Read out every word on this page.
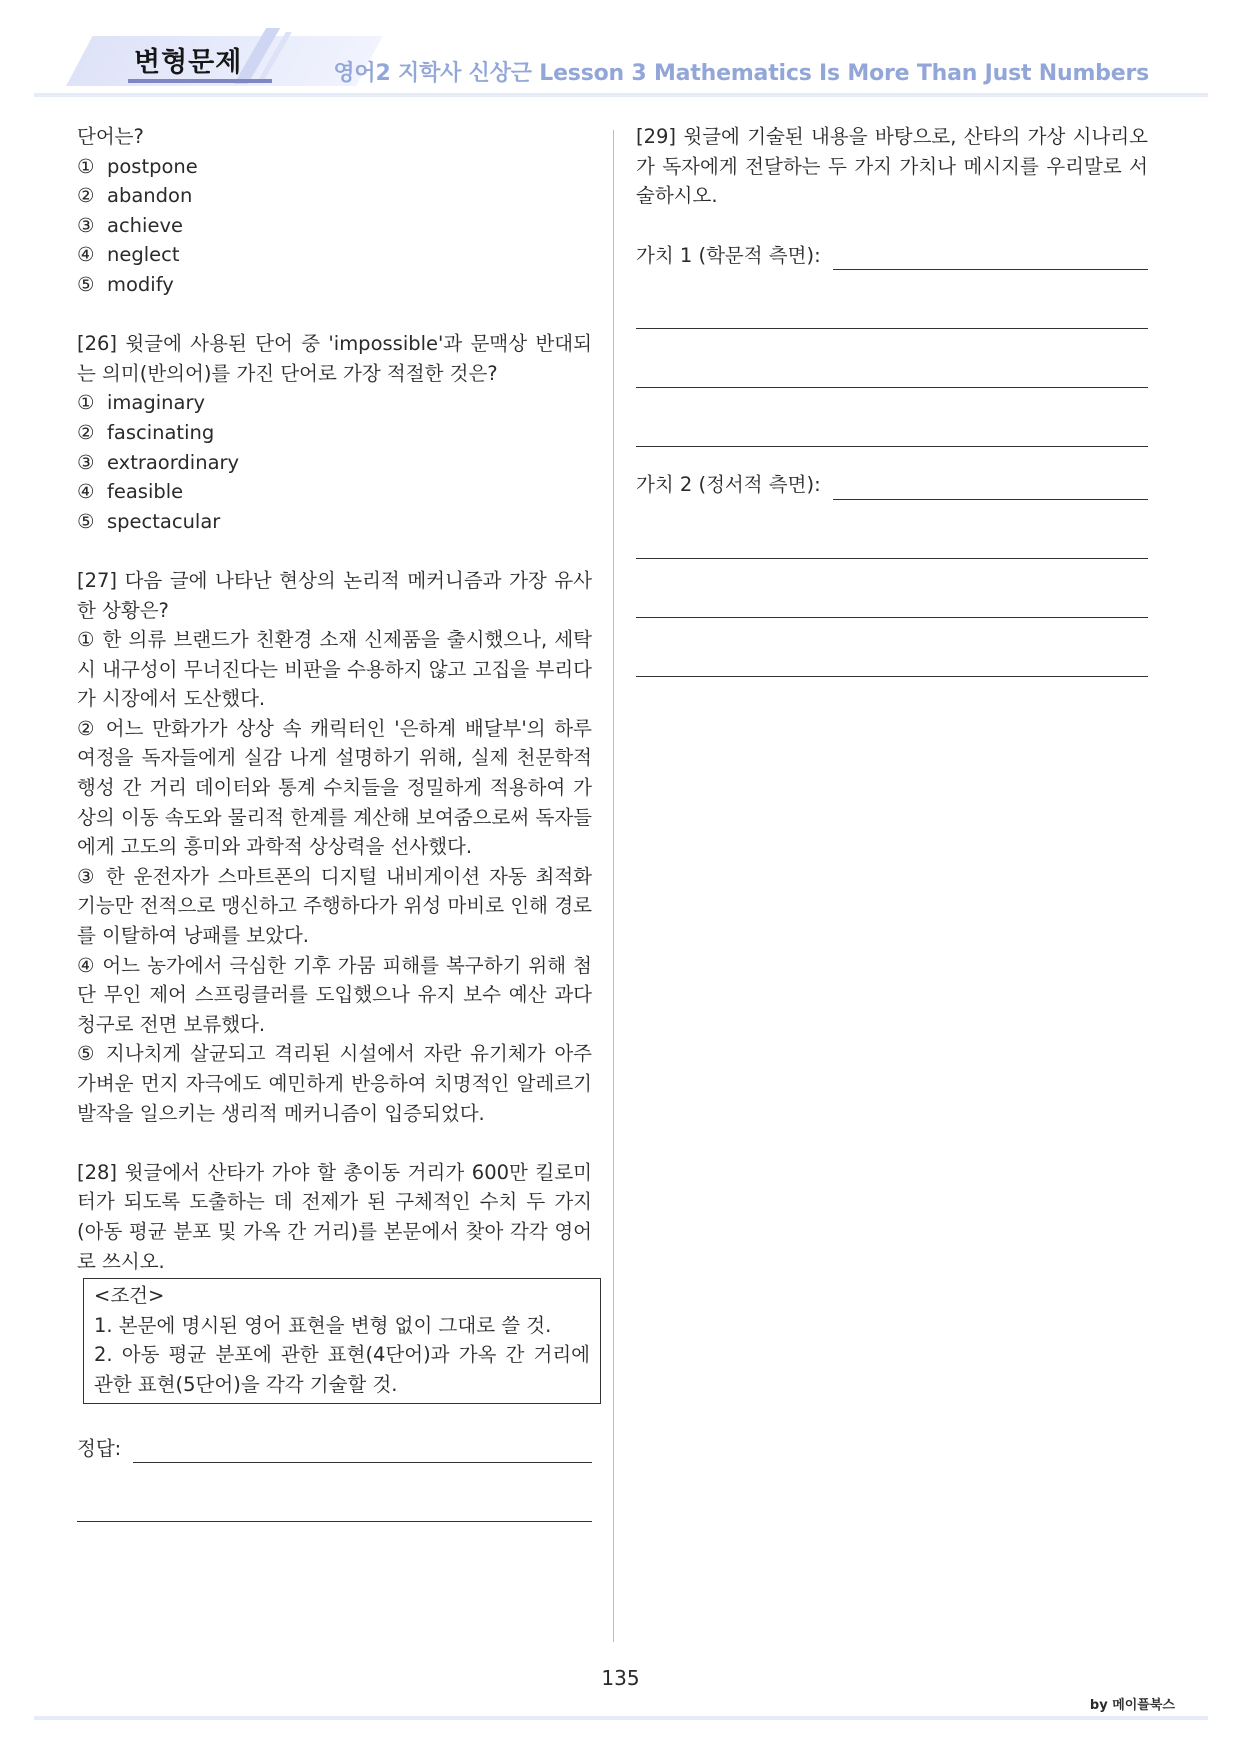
변형문제	영어2 지학사 신상근 Lesson 3 Mathematics Is More Than Just Numbers
단어는?
① postpone
② abandon
③ achieve
④ neglect
⑤ modify
[26] 윗글에 사용된 단어 중 'impossible'과 문맥상 반대되는 의미(반의어)를 가진 단어로 가장 적절한 것은?
① imaginary
② fascinating
③ extraordinary
④ feasible
⑤ spectacular
[27] 다음 글에 나타난 현상의 논리적 메커니즘과 가장 유사한 상황은?
① 한 의류 브랜드가 친환경 소재 신제품을 출시했으나, 세탁 시 내구성이 무너진다는 비판을 수용하지 않고 고집을 부리다가 시장에서 도산했다.
② 어느 만화가가 상상 속 캐릭터인 '은하계 배달부'의 하루 여정을 독자들에게 실감 나게 설명하기 위해, 실제 천문학적 행성 간 거리 데이터와 통계 수치들을 정밀하게 적용하여 가상의 이동 속도와 물리적 한계를 계산해 보여줌으로써 독자들에게 고도의 흥미와 과학적 상상력을 선사했다.
③ 한 운전자가 스마트폰의 디지털 내비게이션 자동 최적화 기능만 전적으로 맹신하고 주행하다가 위성 마비로 인해 경로를 이탈하여 낭패를 보았다.
④ 어느 농가에서 극심한 기후 가뭄 피해를 복구하기 위해 첨단 무인 제어 스프링클러를 도입했으나 유지 보수 예산 과다 청구로 전면 보류했다.
⑤ 지나치게 살균되고 격리된 시설에서 자란 유기체가 아주 가벼운 먼지 자극에도 예민하게 반응하여 치명적인 알레르기 발작을 일으키는 생리적 메커니즘이 입증되었다.
[28] 윗글에서 산타가 가야 할 총이동 거리가 600만 킬로미터가 되도록 도출하는 데 전제가 된 구체적인 수치 두 가지(아동 평균 분포 및 가옥 간 거리)를 본문에서 찾아 각각 영어로 쓰시오.
<조건>
1. 본문에 명시된 영어 표현을 변형 없이 그대로 쓸 것.
2. 아동 평균 분포에 관한 표현(4단어)과 가옥 간 거리에 관한 표현(5단어)을 각각 기술할 것.
정답:
[29] 윗글에 기술된 내용을 바탕으로, 산타의 가상 시나리오가 독자에게 전달하는 두 가지 가치나 메시지를 우리말로 서술하시오.
가치 1 (학문적 측면):
가치 2 (정서적 측면):
135
by 메이플북스
